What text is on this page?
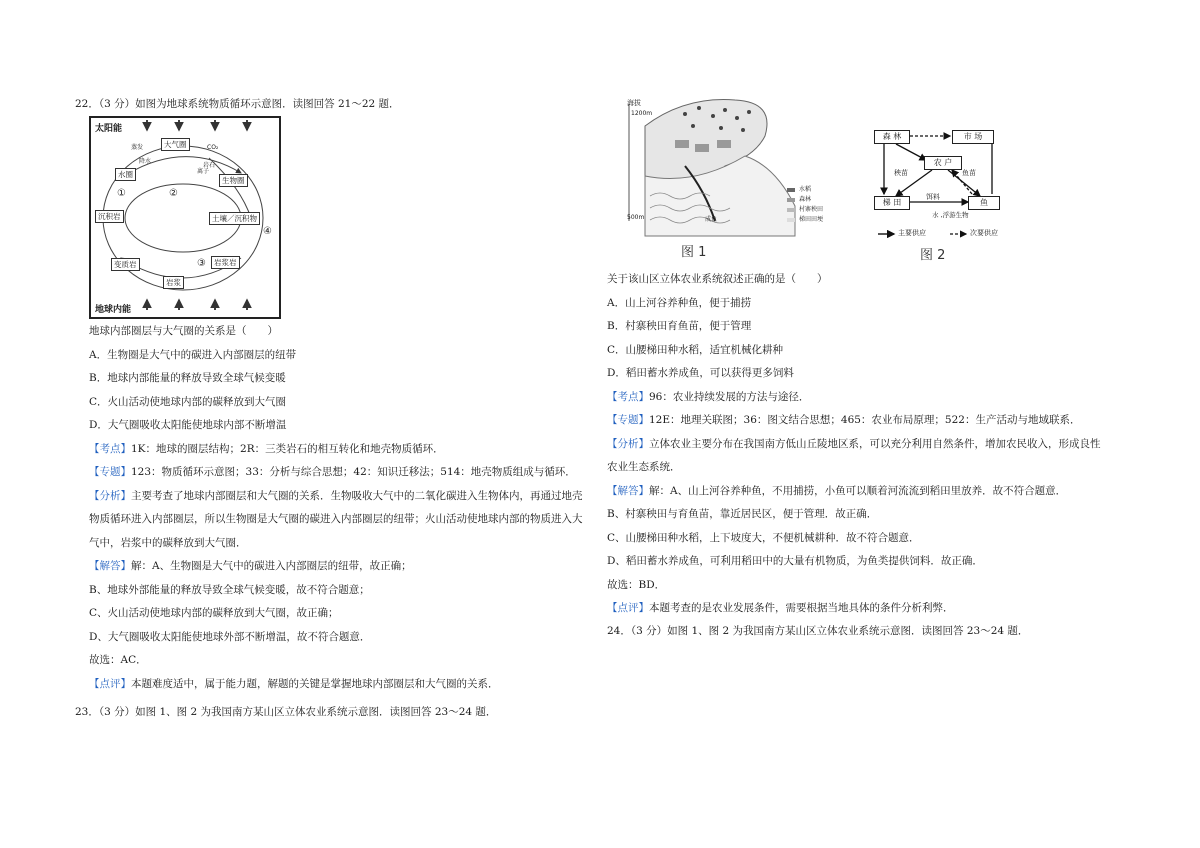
22．（3 分）如图为地球系统物质循环示意图．读图回答 21～22 题．
太阳能
地球内能
大气圈
水圈
生物圈
沉积岩	土壤／沉积物
变质岩	岩浆岩
岩浆
蒸发
降水
CO₂
岩石
离子
①	②
③
④
地球内部圈层与大气圈的关系是（　　）
A．生物圈是大气中的碳进入内部圈层的纽带
B．地球内部能量的释放导致全球气候变暖
C．火山活动使地球内部的碳释放到大气圈
D．大气圈吸收太阳能使地球内部不断增温
【考点】1K：地球的圈层结构；2R：三类岩石的相互转化和地壳物质循环．
【专题】123：物质循环示意图；33：分析与综合思想；42：知识迁移法；514：地壳物质组成与循环．
【分析】主要考查了地球内部圈层和大气圈的关系．生物吸收大气中的二氧化碳进入生物体内，再通过地壳
物质循环进入内部圈层，所以生物圈是大气圈的碳进入内部圈层的纽带；火山活动使地球内部的物质进入大
气中，岩浆中的碳释放到大气圈．
【解答】解：A、生物圈是大气中的碳进入内部圈层的纽带，故正确；
B、地球外部能量的释放导致全球气候变暖，故不符合题意；
C、火山活动使地球内部的碳释放到大气圈，故正确；
D、大气圈吸收太阳能使地球外部不断增温，故不符合题意．
故选：AC．
【点评】本题难度适中，属于能力题，解题的关键是掌握地球内部圈层和大气圈的关系．
23．（3 分）如图 1、图 2 为我国南方某山区立体农业系统示意图．读图回答 23～24 题．
海拔
1200m
500m	成鱼
水稻
森林
村寨秧田
梯田田埂
图 1
森 林	市 场
农 户
梯 田	鱼
秧苗	鱼苗
饵料
水 ,浮游生物
主要供应	次要供应
图 2
关于该山区立体农业系统叙述正确的是（　　）
A．山上河谷养种鱼，便于捕捞
B．村寨秧田育鱼苗，便于管理
C．山腰梯田种水稻，适宜机械化耕种
D．稻田蓄水养成鱼，可以获得更多饲料
【考点】96：农业持续发展的方法与途径．
【专题】12E：地理关联图；36：图文结合思想；465：农业布局原理；522：生产活动与地域联系．
【分析】立体农业主要分布在我国南方低山丘陵地区系，可以充分利用自然条件，增加农民收入，形成良性
农业生态系统．
【解答】解：A、山上河谷养种鱼，不用捕捞，小鱼可以顺着河流流到稻田里放养．故不符合题意．
B、村寨秧田与育鱼苗，靠近居民区，便于管理．故正确．
C、山腰梯田种水稻，上下坡度大，不便机械耕种．故不符合题意．
D、稻田蓄水养成鱼，可利用稻田中的大量有机物质，为鱼类提供饲料．故正确．
故选：BD．
【点评】本题考查的是农业发展条件，需要根据当地具体的条件分析利弊．
24．（3 分）如图 1、图 2 为我国南方某山区立体农业系统示意图．读图回答 23～24 题．
